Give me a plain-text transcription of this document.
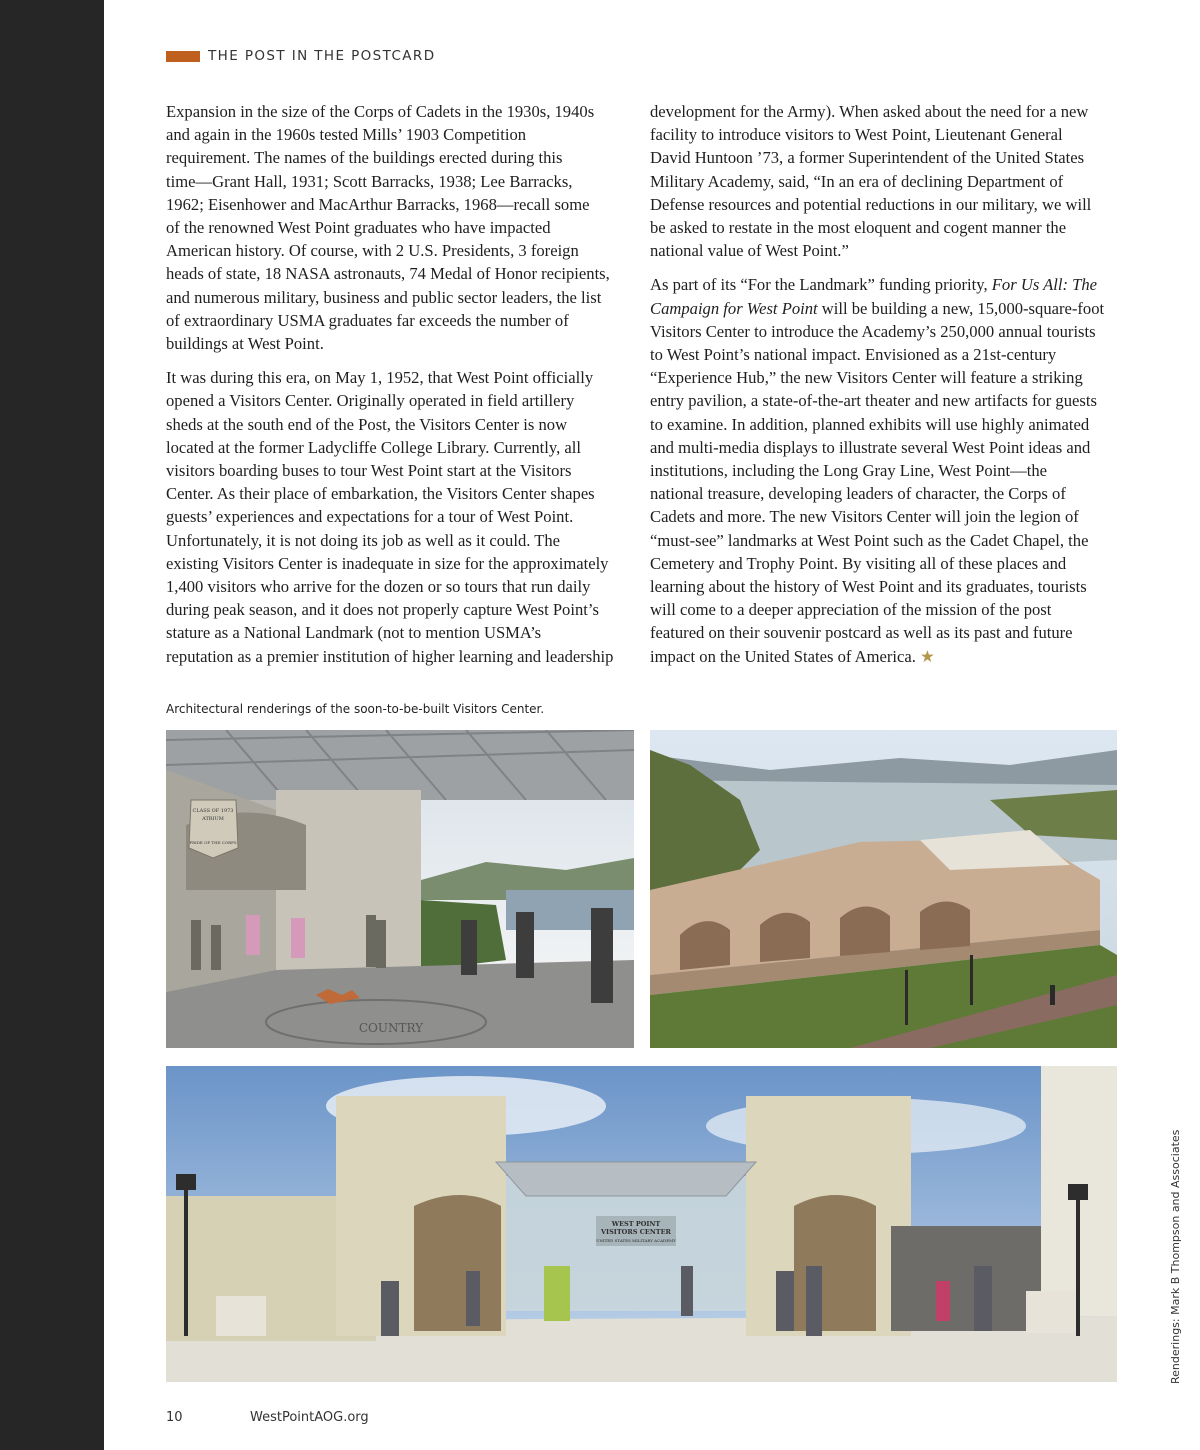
THE POST IN THE POSTCARD

Expansion in the size of the Corps of Cadets in the 1930s, 1940s
and again in the 1960s tested Mills’ 1903 Competition
requirement. The names of the buildings erected during this
time—Grant Hall, 1931; Scott Barracks, 1938; Lee Barracks,
1962; Eisenhower and MacArthur Barracks, 1968—recall some
of the renowned West Point graduates who have impacted
American history. Of course, with 2 U.S. Presidents, 3 foreign
heads of state, 18 NASA astronauts, 74 Medal of Honor recipients,
and numerous military, business and public sector leaders, the list
of extraordinary USMA graduates far exceeds the number of
buildings at West Point.

It was during this era, on May 1, 1952, that West Point officially
opened a Visitors Center. Originally operated in field artillery
sheds at the south end of the Post, the Visitors Center is now
located at the former Ladycliffe College Library. Currently, all
visitors boarding buses to tour West Point start at the Visitors
Center. As their place of embarkation, the Visitors Center shapes
guests’ experiences and expectations for a tour of West Point.
Unfortunately, it is not doing its job as well as it could. The
existing Visitors Center is inadequate in size for the approximately
1,400 visitors who arrive for the dozen or so tours that run daily
during peak season, and it does not properly capture West Point’s
stature as a National Landmark (not to mention USMA’s
reputation as a premier institution of higher learning and leadership

development for the Army). When asked about the need for a new
facility to introduce visitors to West Point, Lieutenant General
David Huntoon ’73, a former Superintendent of the United States
Military Academy, said, “In an era of declining Department of
Defense resources and potential reductions in our military, we will
be asked to restate in the most eloquent and cogent manner the
national value of West Point.”

As part of its “For the Landmark” funding priority, For Us All: The
Campaign for West Point will be building a new, 15,000-square-foot
Visitors Center to introduce the Academy’s 250,000 annual tourists
to West Point’s national impact. Envisioned as a 21st-century
“Experience Hub,” the new Visitors Center will feature a striking
entry pavilion, a state-of-the-art theater and new artifacts for guests
to examine. In addition, planned exhibits will use highly animated
and multi-media displays to illustrate several West Point ideas and
institutions, including the Long Gray Line, West Point—the
national treasure, developing leaders of character, the Corps of
Cadets and more. The new Visitors Center will join the legion of
“must-see” landmarks at West Point such as the Cadet Chapel, the
Cemetery and Trophy Point. By visiting all of these places and
learning about the history of West Point and its graduates, tourists
will come to a deeper appreciation of the mission of the post
featured on their souvenir postcard as well as its past and future
impact on the United States of America. ★

Architectural renderings of the soon-to-be-built Visitors Center.
CLASS OF 1973
ATRIUM
PRIDE OF THE CORPS
COUNTRY
WEST POINT
VISITORS CENTER
UNITED STATES MILITARY ACADEMY	Renderings: Mark B Thompson and Associates
10	WestPointAOG.org
